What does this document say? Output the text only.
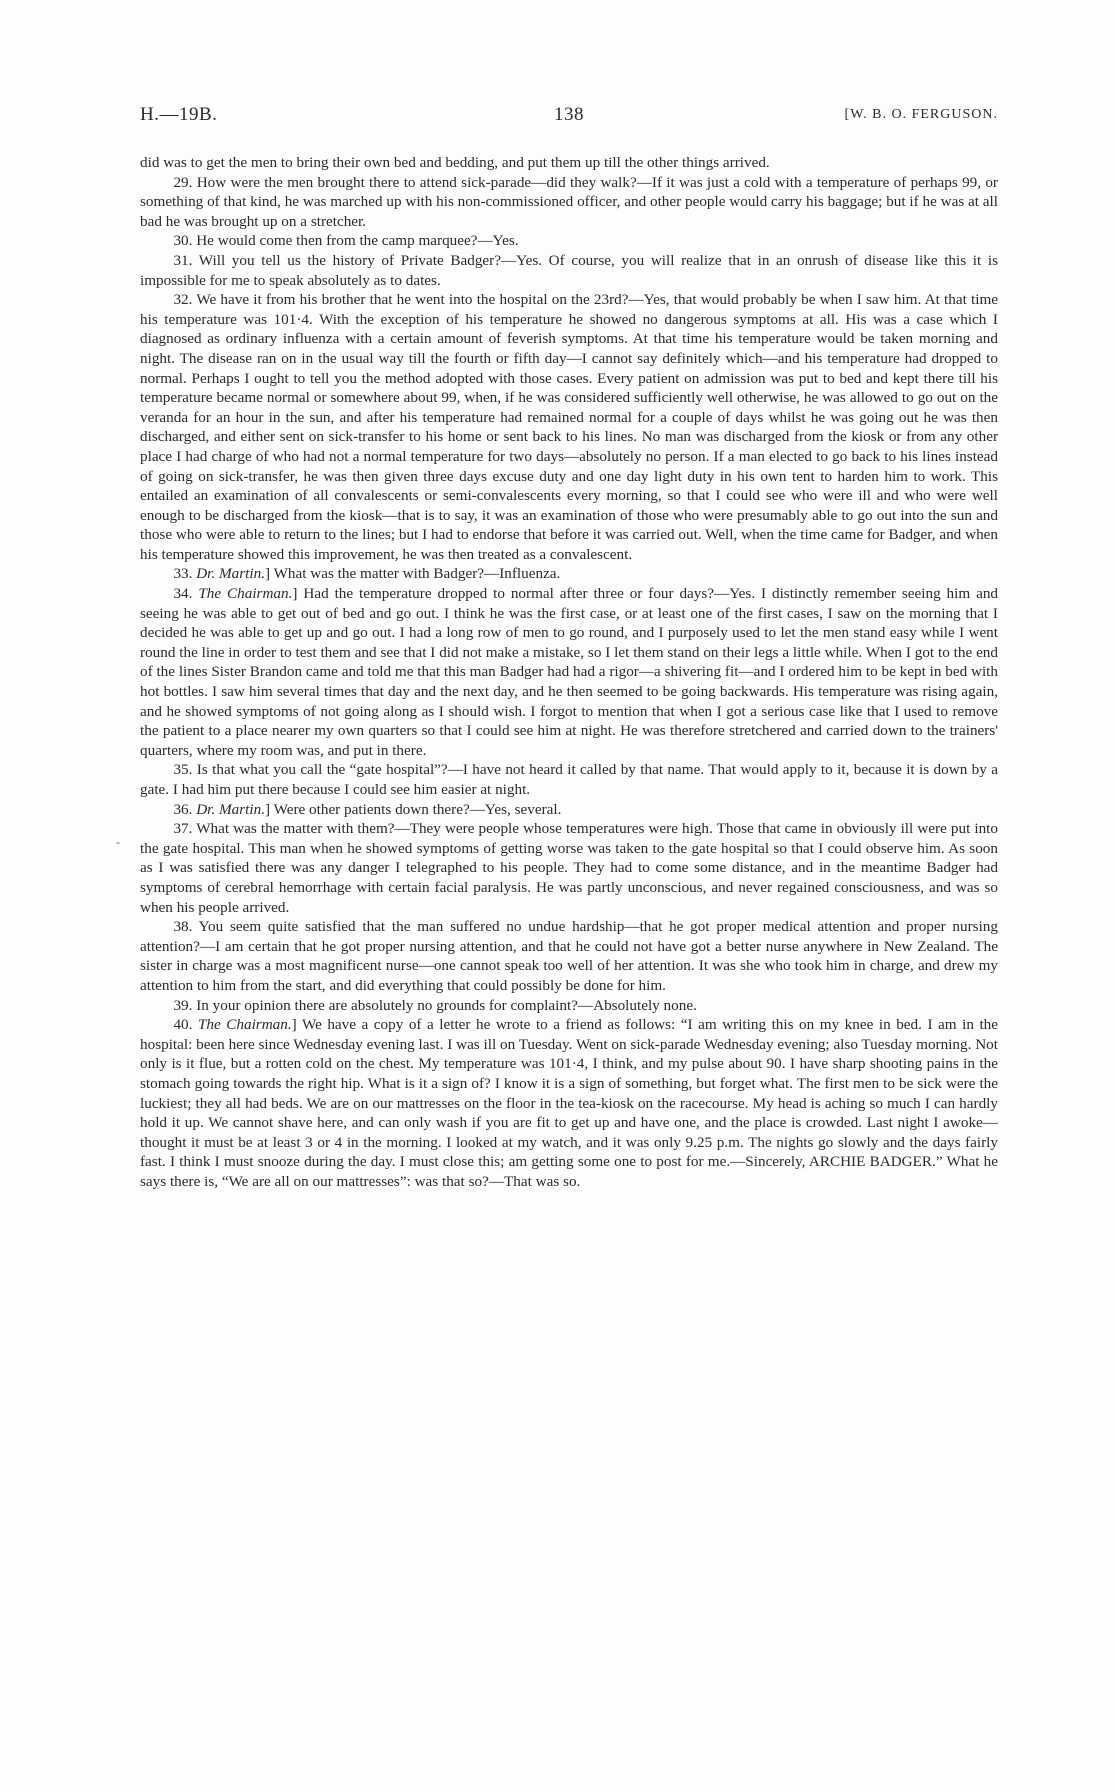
H.—19B.	138	[W. B. O. FERGUSON.

did was to get the men to bring their own bed and bedding, and put them up till the other things arrived.

29. How were the men brought there to attend sick-parade—did they walk?—If it was just a cold with a temperature of perhaps 99, or something of that kind, he was marched up with his non-commissioned officer, and other people would carry his baggage; but if he was at all bad he was brought up on a stretcher.

30. He would come then from the camp marquee?—Yes.

31. Will you tell us the history of Private Badger?—Yes. Of course, you will realize that in an onrush of disease like this it is impossible for me to speak absolutely as to dates.

32. We have it from his brother that he went into the hospital on the 23rd?—Yes, that would probably be when I saw him. At that time his temperature was 101·4. With the exception of his temperature he showed no dangerous symptoms at all. His was a case which I diagnosed as ordinary influenza with a certain amount of feverish symptoms. At that time his temperature would be taken morning and night. The disease ran on in the usual way till the fourth or fifth day—I cannot say definitely which—and his temperature had dropped to normal. Perhaps I ought to tell you the method adopted with those cases. Every patient on admission was put to bed and kept there till his temperature became normal or somewhere about 99, when, if he was considered sufficiently well otherwise, he was allowed to go out on the veranda for an hour in the sun, and after his temperature had remained normal for a couple of days whilst he was going out he was then discharged, and either sent on sick-transfer to his home or sent back to his lines. No man was discharged from the kiosk or from any other place I had charge of who had not a normal temperature for two days—absolutely no person. If a man elected to go back to his lines instead of going on sick-transfer, he was then given three days excuse duty and one day light duty in his own tent to harden him to work. This entailed an examination of all convalescents or semi-convalescents every morning, so that I could see who were ill and who were well enough to be discharged from the kiosk—that is to say, it was an examination of those who were presumably able to go out into the sun and those who were able to return to the lines; but I had to endorse that before it was carried out. Well, when the time came for Badger, and when his temperature showed this improvement, he was then treated as a convalescent.

33. Dr. Martin.] What was the matter with Badger?—Influenza.

34. The Chairman.] Had the temperature dropped to normal after three or four days?—Yes. I distinctly remember seeing him and seeing he was able to get out of bed and go out. I think he was the first case, or at least one of the first cases, I saw on the morning that I decided he was able to get up and go out. I had a long row of men to go round, and I purposely used to let the men stand easy while I went round the line in order to test them and see that I did not make a mistake, so I let them stand on their legs a little while. When I got to the end of the lines Sister Brandon came and told me that this man Badger had had a rigor—a shivering fit—and I ordered him to be kept in bed with hot bottles. I saw him several times that day and the next day, and he then seemed to be going backwards. His temperature was rising again, and he showed symptoms of not going along as I should wish. I forgot to mention that when I got a serious case like that I used to remove the patient to a place nearer my own quarters so that I could see him at night. He was therefore stretchered and carried down to the trainers' quarters, where my room was, and put in there.

35. Is that what you call the “gate hospital”?—I have not heard it called by that name. That would apply to it, because it is down by a gate. I had him put there because I could see him easier at night.

36. Dr. Martin.] Were other patients down there?—Yes, several.

37. What was the matter with them?—They were people whose temperatures were high. Those that came in obviously ill were put into the gate hospital. This man when he showed symptoms of getting worse was taken to the gate hospital so that I could observe him. As soon as I was satisfied there was any danger I telegraphed to his people. They had to come some distance, and in the meantime Badger had symptoms of cerebral hemorrhage with certain facial paralysis. He was partly unconscious, and never regained consciousness, and was so when his people arrived.

38. You seem quite satisfied that the man suffered no undue hardship—that he got proper medical attention and proper nursing attention?—I am certain that he got proper nursing attention, and that he could not have got a better nurse anywhere in New Zealand. The sister in charge was a most magnificent nurse—one cannot speak too well of her attention. It was she who took him in charge, and drew my attention to him from the start, and did everything that could possibly be done for him.

39. In your opinion there are absolutely no grounds for complaint?—Absolutely none.

40. The Chairman.] We have a copy of a letter he wrote to a friend as follows: “I am writing this on my knee in bed. I am in the hospital: been here since Wednesday evening last. I was ill on Tuesday. Went on sick-parade Wednesday evening; also Tuesday morning. Not only is it flue, but a rotten cold on the chest. My temperature was 101·4, I think, and my pulse about 90. I have sharp shooting pains in the stomach going towards the right hip. What is it a sign of? I know it is a sign of something, but forget what. The first men to be sick were the luckiest; they all had beds. We are on our mattresses on the floor in the tea-kiosk on the racecourse. My head is aching so much I can hardly hold it up. We cannot shave here, and can only wash if you are fit to get up and have one, and the place is crowded. Last night I awoke—thought it must be at least 3 or 4 in the morning. I looked at my watch, and it was only 9.25 p.m. The nights go slowly and the days fairly fast. I think I must snooze during the day. I must close this; am getting some one to post for me.—Sincerely, ARCHIE BADGER.” What he says there is, “We are all on our mattresses”: was that so?—That was so.

-
